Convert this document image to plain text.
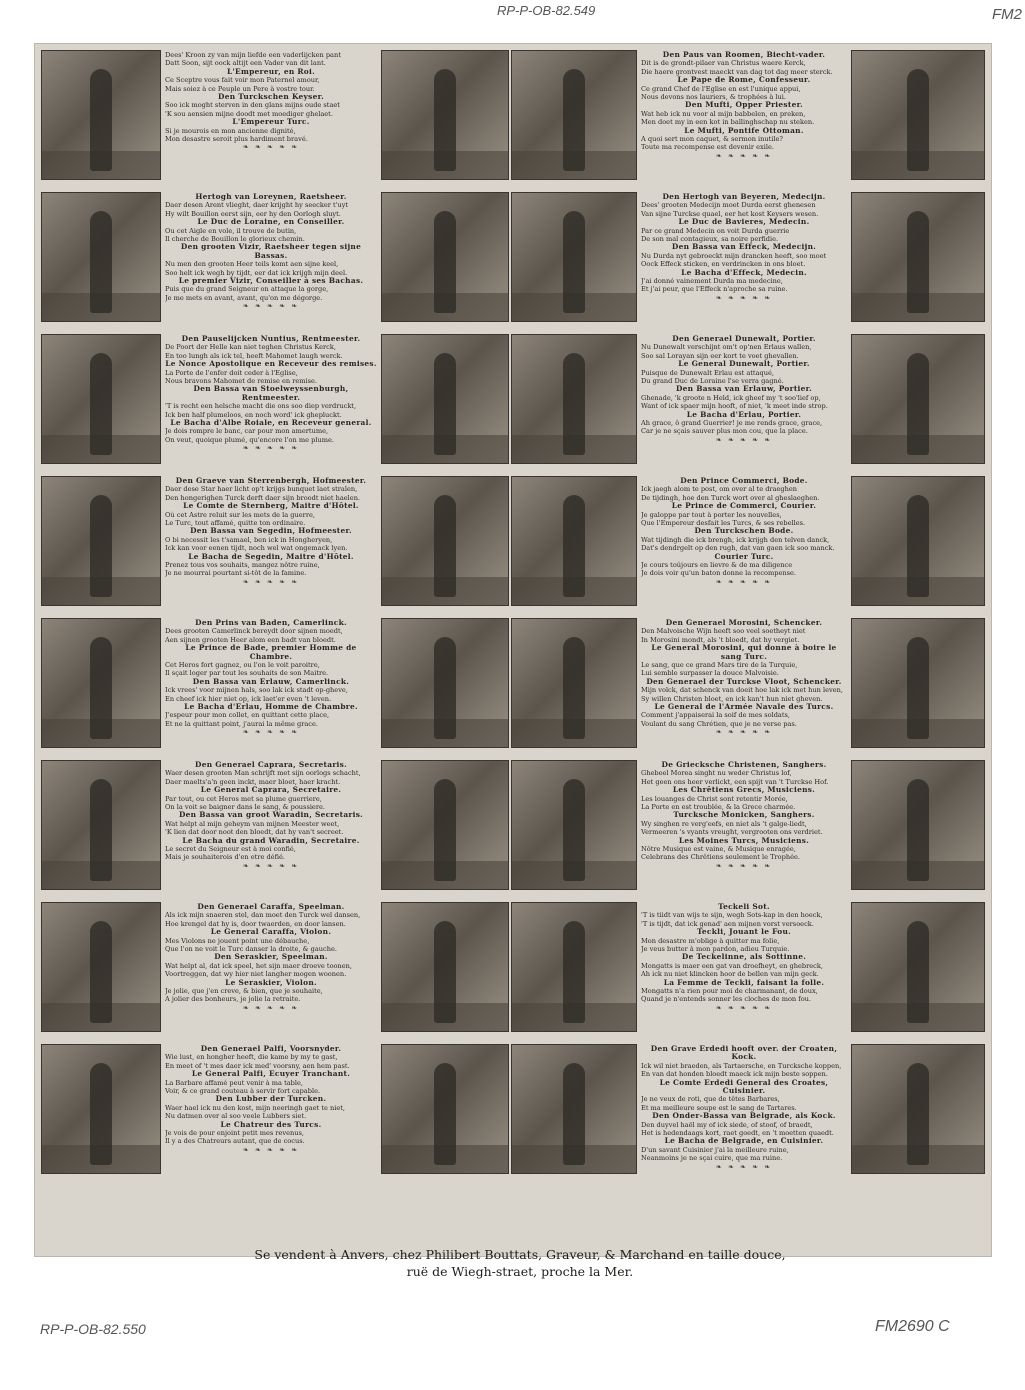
RP-P-OB-82.549	FM2
Dees' Kroon zy van mijn liefde een vaderlijcken pant
Datt Soon, sijt oock altijt een Vader van dit lant.
L'Empereur, en Roi.
Ce Sceptre vous fait voir mon Paternel amour,
Mais soiez à ce Peuple un Pere à vostre tour.
Den Turckschen Keyser.
Soo ick moght sterven in den glans mijns oude staet
'K sou aensien mijne doodt met moediger ghelaet.
L'Empereur Turc.
Si je mourois en mon ancienne dignité,
Mon desastre seroit plus hardiment bravé.
❧ ❧ ❧ ❧ ❧
Hertogh van Loreynen, Raetsheer.
Daer desen Arent vlieght, daer krijght hy seecker t'uyt
Hy wilt Bouillon eerst sijn, eer hy den Oorlogh sluyt.
Le Duc de Loraine, en Conseiller.
Ou cet Aigle en vole, il trouve de butin,
Il cherche de Bouillon le glorieux chemin.
Den grooten Vizir, Raetsheer tegen sijne Bassas.
Nu men den grooten Heer teils komt aen sijne keel,
Soo helt ick wegh by tijdt, eer dat ick krijgh mijn deel.
Le premier Vizir, Conseiller à ses Bachas.
Puis que du grand Seigneur on attaque la gorge,
Je me mets en avant, avant, qu'on me dégorge.
❧ ❧ ❧ ❧ ❧
Den Pauselijcken Nuntius, Rentmeester.
De Poort der Helle kan niet teghen Christus Kerck,
En too lungh als ick tel, heeft Mahomet laugh werck.
Le Nonce Apostolique en Receveur des remises.
La Porte de l'enfer doit ceder à l'Eglise,
Nous bravons Mahomet de remise en remise.
Den Bassa van Stoelweyssenburgh, Rentmeester.
'T is recht een helsche macht die ons soo diep verdruckt,
Ick ben half plumeloos, en noch word' ick ghepluckt.
Le Bacha d'Albe Roiale, en Receveur general.
Je dois rompre le banc, car pour mon amertume,
On veut, quoique plumé, qu'encore l'on me plume.
❧ ❧ ❧ ❧ ❧
Den Graeve van Sterrenbergh, Hofmeester.
Daer dese Star haer licht op't krijgs bunquet laet stralen,
Den hongerighen Turck derft daer sijn broodt niet haelen.
Le Comte de Sternberg, Maitre d'Hôtel.
Où cet Astre reluit sur les mets de la guerre,
Le Turc, tout affamé, quitte ton ordinaire.
Den Bassa van Segedin, Hofmeester.
O bi necessit les t'samael, ben ick in Hongheryen,
Ick kan voor eenen tijdt, noch wel wat ongemack lyen.
Le Bacha de Segedin, Maitre d'Hôtel.
Prenez tous vos souhaits, mangez nôtre ruine,
Je ne mourrai pourtant si-tôt de la famine.
❧ ❧ ❧ ❧ ❧
Den Prins van Baden, Camerlinck.
Dees grooten Camerlinck bereydt door sijnen moedt,
Aen sijnen grooten Heer alom een badt van bloedt.
Le Prince de Bade, premier Homme de Chambre.
Cet Heros fort gagnez, ou l'on le voit paroitre,
Il sçait loger par tout les souhaits de son Maitre.
Den Bassa van Erlauw, Camerlinck.
Ick vrees' voor mijnen hals, soo lak ick stadt op-gheve,
En cheef ick hier niet op, ick laet'er even 't leven.
Le Bacha d'Erlau, Homme de Chambre.
J'espeur pour mon collet, en quittant cette place,
Et ne la quittant point, j'aurai la même grace.
❧ ❧ ❧ ❧ ❧
Den Generael Caprara, Secretaris.
Waer desen grooten Man schrijft met sijn oorlogs schacht,
Daer maelts'a'n geen inckt, maer bloet, haer kracht.
Le General Caprara, Secretaire.
Par tout, ou cet Heros met sa plume guerriere,
On la voit se baigner dans le sang, & poussiere.
Den Bassa van groot Waradin, Secretaris.
Wat helpt al mijn geheym van mijnen Meester weet,
'K lien dat door noot den bloedt, dat hy van't secreet.
Le Bacha du grand Waradin, Secretaire.
Le secret du Seigneur est à moi confié,
Mais je souhaiterois d'en etre défié.
❧ ❧ ❧ ❧ ❧
Den Generael Caraffa, Speelman.
Als ick mijn snaeren stel, dan moet den Turck wel dansen,
Hoe krengel dat hy is, door twaerden, en door lansen.
Le General Caraffa, Violon.
Mes Violons ne jouent point une débauche,
Que l'on ne voit le Turc danser la droite, & gauche.
Den Seraskier, Speelman.
Wat helpt al, dat ick speel, het sijn maer droeve toonen,
Voortreggen, dat wy hier niet langher mogen woonen.
Le Seraskier, Violon.
Je jolie, que j'en creve, & bien, que je souhaite,
A jolier des bonheurs, je jolie la retraite.
❧ ❧ ❧ ❧ ❧
Den Generael Palfi, Voorsnyder.
Wie lust, en hongher heeft, die kame by my te gast,
En meet of 't mes daer ick med' voorsny, aen hem past.
Le General Palfi, Ecuyer Tranchant.
La Barbare affamé peut venir à ma table,
Voir, & ce grand couteau à servir fort capable.
Den Lubber der Turcken.
Waer hael ick nu den kost, mijn neeringh gaet te niet,
Nu datmen over al soo veele Lubbers siet.
Le Chatreur des Turcs.
Je vois de pour enjoint petit mes revenus,
Il y a des Chatreurs autant, que de cocus.
❧ ❧ ❧ ❧ ❧
Den Paus van Roomen, Biecht-vader.
Dit is de grondt-pilaer van Christus waere Kerck,
Die haere grontvest maeckt van dag tot dag meer sterck.
Le Pape de Rome, Confesseur.
Ce grand Chef de l'Eglise en est l'unique appui,
Nous devons nos lauriers, & trophées à lui.
Den Mufti, Opper Priester.
Wat heb ick nu voor al mijn babbelen, en preken,
Men doet my in een kot in ballinghschap nu steken.
Le Mufti, Pontife Ottoman.
A quoi sert mon caquet, & sermon inutile?
Toute ma recompense est devenir exile.
❧ ❧ ❧ ❧ ❧
Den Hertogh van Beyeren, Medecijn.
Dees' grooten Medecijn moet Durda eerst ghenesen
Van sijne Turckse quael, eer het kost Keysers wesen.
Le Duc de Bavieres, Medecin.
Par ce grand Medecin on voit Durda guerrie
De son mal contagieux, sa noire perfidie.
Den Bassa van Effeck, Medecijn.
Nu Durda nyt gebroeckt mijn drancken heeft, soo moet
Oock Effeck sticken, en verdrincken in ons bloet.
Le Bacha d'Effeck, Medecin.
J'ai donné vainement Durda ma medecine,
Et j'ai peur, que l'Effeck n'aproche sa ruine.
❧ ❧ ❧ ❧ ❧
Den Generael Dunewalt, Portier.
Nu Dunewalt verschijnt om't op'nen Erlaus wallen,
Soo sal Lorayan sijn eer kort te voet ghevallen.
Le General Dunewalt, Portier.
Puisque de Dunewalt Erlau est attaqué,
Du grand Duc de Loraine l'se verra gagné.
Den Bassa van Erlauw, Portier.
Ghenade, 'k groote n Held, ick gheef my 't soo'lief op,
Want of ick spaer mijn hooft, of niet, 'k meet inde strop.
Le Bacha d'Erlau, Portier.
Ah grace, ô grand Guerrier! je me rends grace, grace,
Car je ne sçais sauver plus mon cou, que la place.
❧ ❧ ❧ ❧ ❧
Den Prince Commerci, Bode.
Ick jaegh alom te post, om over al te draeghen
De tijdingh, hoe den Turck wort over al gheslaeghen.
Le Prince de Commerci, Courier.
Je galoppe par tout à porter les nouvelles,
Que l'Empereur desfait les Turcs, & ses rebelles.
Den Turckschen Bode.
Wat tijdingh die ick brengh, ick krijgh den telven danck,
Dat's dendrgelt op den rugh, dat van gaen ick soo manck.
Courier Turc.
Je cours toûjours en lievre & de ma diligence
Je dois voir qu'un baton donne la recompense.
❧ ❧ ❧ ❧ ❧
Den Generael Morosini, Schencker.
Den Malvoische Wijn heeft soo veel soetheyt niet
In Morosini mondt, als 't bloedt, dat hy vergiet.
Le General Morosini, qui donne à boire le sang Turc.
Le sang, que ce grand Mars tire de la Turquie,
Lui semble surpasser la douce Malvoisie.
Den Generael der Turckse Vloot, Schencker.
Mijn volck, dat schenck van doeit hoe lak ick met hun leven,
Sy willen Christen bloet, en ick kan't hun niet gheven.
Le General de l'Armée Navale des Turcs.
Comment j'appaiserai la soif de mes soldats,
Voulant du sang Chrétien, que je ne verse pas.
❧ ❧ ❧ ❧ ❧
De Griecksche Christenen, Sanghers.
Ghebeel Morea singht nu weder Christus lof,
Het geen ons heer verlickt, een spijt van 't Turckse Hof.
Les Chrêtiens Grecs, Musiciens.
Les louanges de Christ sont retentir Morée,
La Porte en est troublée, & la Grece charmée.
Turcksche Monicken, Sanghers.
Wy singhen re verg'eefs, en niet als 't galge-liedt,
Vermeeren 's vyants vreught, vergrooten ons verdriet.
Les Moines Turcs, Musiciens.
Nôtre Musique est vaine, & Musique enragée,
Celebrans des Chrêtiens seulement le Trophée.
❧ ❧ ❧ ❧ ❧
Teckeli Sot.
'T is tiidt van wijs te sijn, wegh Sots-kap in den hoeck,
'T is tijdt, dat ick genad' aen mijnen vorst versoeck.
Teckli, Jouant le Fou.
Mon desastre m'oblige à quitter ma folie,
Je veus butter à mon pardon, adieu Turquie.
De Teckelinne, als Sottinne.
Mongatts is maer een gat van droefheyt, en ghebreck,
Ah ick nu niet klincken hoor de bellen van mijn geck.
La Femme de Teckli, faisant la folle.
Mongatts n'a rien pour moi de charmanant, de doux,
Quand je n'entends sonner les cloches de mon fou.
❧ ❧ ❧ ❧ ❧
Den Grave Erdedi hooft over. der Croaten, Kock.
Ick wil niet braeden, als Tartaersche, en Turcksche koppen,
En van dat honden bloedt maeck ick mijn beste soppen.
Le Comte Erdedi General des Croates, Cuisinier.
Je ne veux de roti, que de têtes Barbares,
Et ma meilleure soupe est le sang de Tartares.
Den Onder-Bassa van Belgrade, als Kock.
Den duyvel haël my of ick siede, of stoof, of braedt,
Het is hedendaags kort, raet goedt, en 't moetten quaedt.
Le Bacha de Belgrade, en Cuisinier.
D'un savant Cuisinier j'ai la meilleure ruine,
Neanmoins je ne sçai cuire, que ma ruine.
❧ ❧ ❧ ❧ ❧
Se vendent à Anvers, chez Philibert Bouttats, Graveur, & Marchand en taille douce,
ruë de Wiegh-straet, proche la Mer.
RP-P-OB-82.550	FM2690 C
